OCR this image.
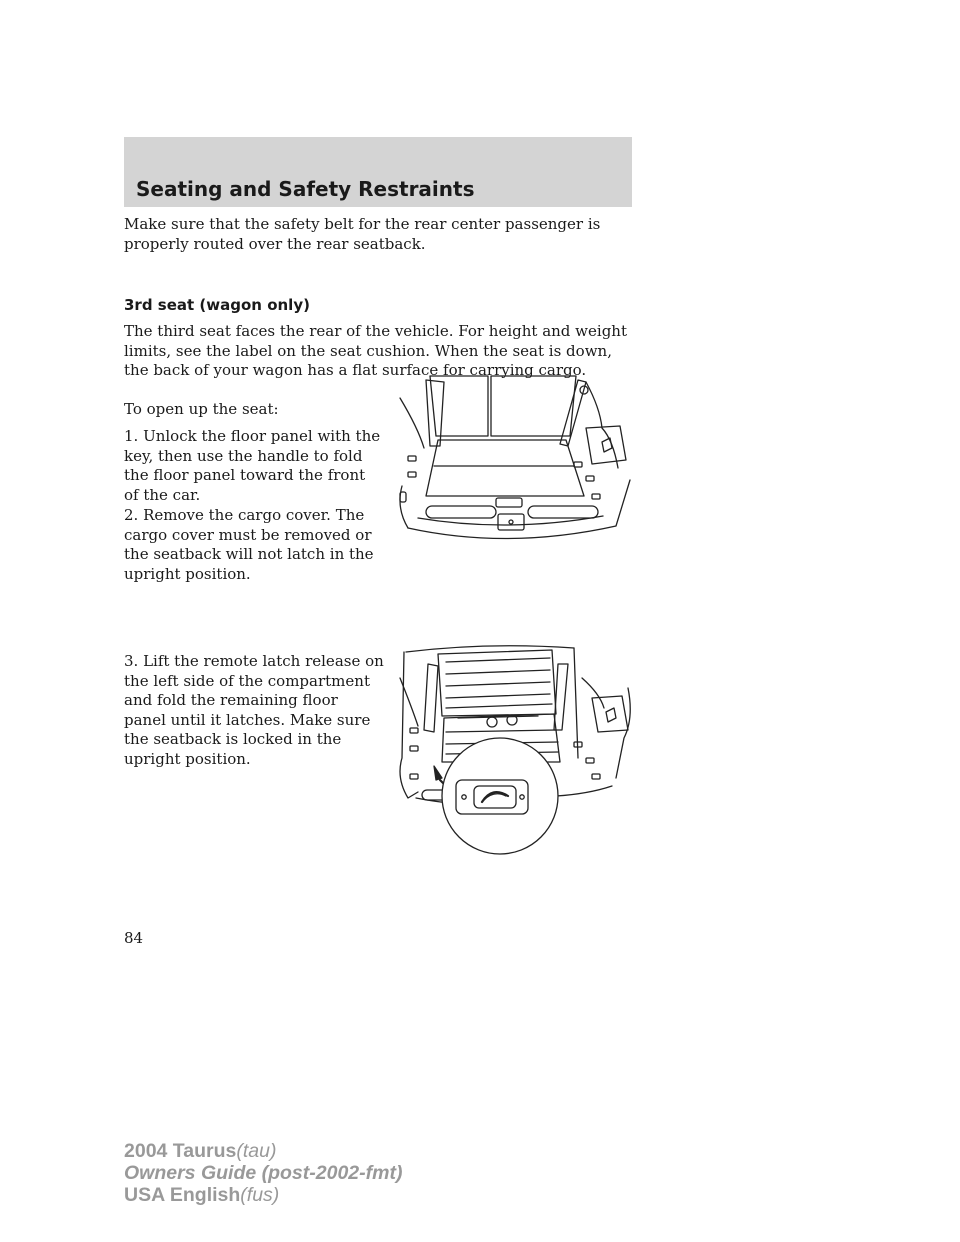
Seating and Safety Restraints

Make sure that the safety belt for the rear center passenger is properly routed over the rear seatback.

3rd seat (wagon only)

The third seat faces the rear of the vehicle. For height and weight limits, see the label on the seat cushion. When the seat is down, the back of your wagon has a flat surface for carrying cargo.

To open up the seat:

1. Unlock the floor panel with the key, then use the handle to fold the floor panel toward the front of the car.

2. Remove the cargo cover. The cargo cover must be removed or the seatback will not latch in the upright position.

3. Lift the remote latch release on the left side of the compartment and fold the remaining floor panel until it latches. Make sure the seatback is locked in the upright position.

84
2004 Taurus(tau)
Owners Guide (post-2002-fmt)
USA English(fus)
